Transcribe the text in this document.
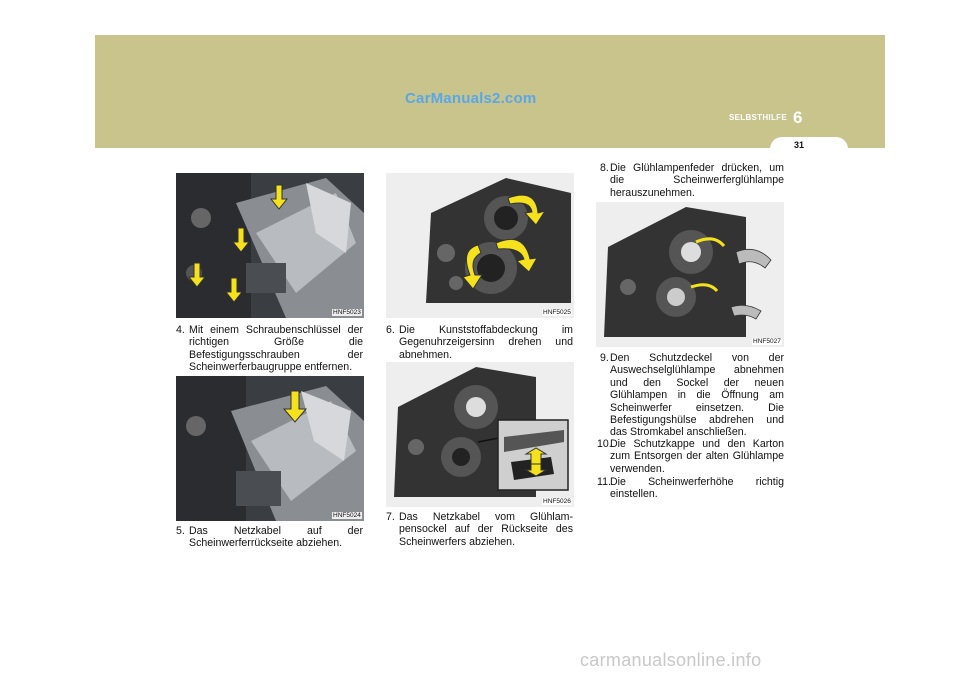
CarManuals2.com
SELBSTHILFE 6
31
HNF5023
4. Mit einem Schraubenschlüssel der richtigen Größe die Befestigungsschrauben der Scheinwerferbaugruppe entfernen.
HNF5024
5. Das Netzkabel auf der Scheinwerferrückseite abziehen.
HNF5025
6. Die Kunststoffabdeckung im Gegenuhrzeigersinn drehen und abnehmen.
HNF5026
7. Das Netzkabel vom Glühlam-pensockel auf der Rückseite des Scheinwerfers abziehen.
8. Die Glühlampenfeder drücken, um die Scheinwerferglühlampe herauszunehmen.
HNF5027
9. Den Schutzdeckel von der Auswechselglühlampe abnehmen und den Sockel der neuen Glühlampen in die Öffnung am Scheinwerfer einsetzen. Die Befestigungshülse abdrehen und das Stromkabel anschließen.
10.
Die Schutzkappe und den Karton zum Entsorgen der alten Glühlampe verwenden.
11. Die Scheinwerferhöhe richtig einstellen.
carmanualsonline.info
